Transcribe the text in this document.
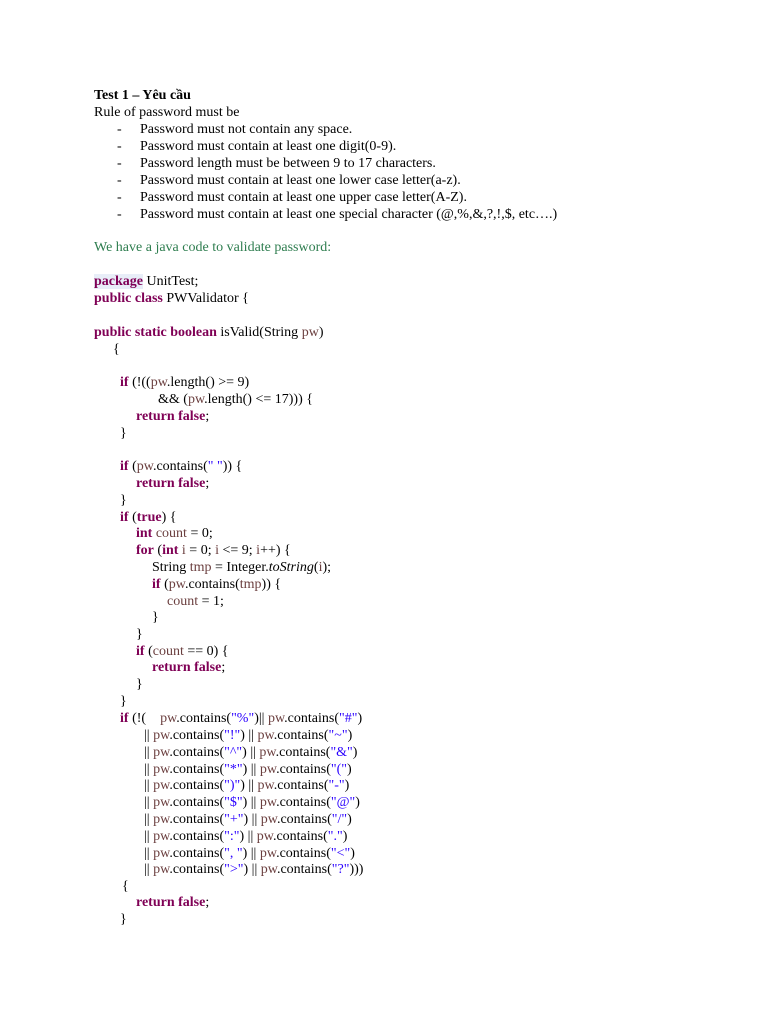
Test 1 – Yêu cầu
Rule of password must be
- Password must not contain any space.
- Password must contain at least one digit(0-9).
- Password length must be between 9 to 17 characters.
- Password must contain at least one lower case letter(a-z).
- Password must contain at least one upper case letter(A-Z).
- Password must contain at least one special character (@,%,&,?,!,$, etc….)
We have a java code to validate password:
package UnitTest;
public class PWValidator {
public static boolean isValid(String pw)
{
if (!((pw.length() >= 9)
&& (pw.length() <= 17))) {
return false;
}
if (pw.contains(" ")) {
return false;
}
if (true) {
int count = 0;
for (int i = 0; i <= 9; i++) {
String tmp = Integer.toString(i);
if (pw.contains(tmp)) {
count = 1;
}
}
if (count == 0) {
return false;
}
}
if (!(    pw.contains("%")|| pw.contains("#")
|| pw.contains("!") || pw.contains("~")
|| pw.contains("^") || pw.contains("&")
|| pw.contains("*") || pw.contains("(")
|| pw.contains(")") || pw.contains("-")
|| pw.contains("$") || pw.contains("@")
|| pw.contains("+") || pw.contains("/")
|| pw.contains(":") || pw.contains(".")
|| pw.contains(", ") || pw.contains("<")
|| pw.contains(">") || pw.contains("?")))
{
return false;
}
